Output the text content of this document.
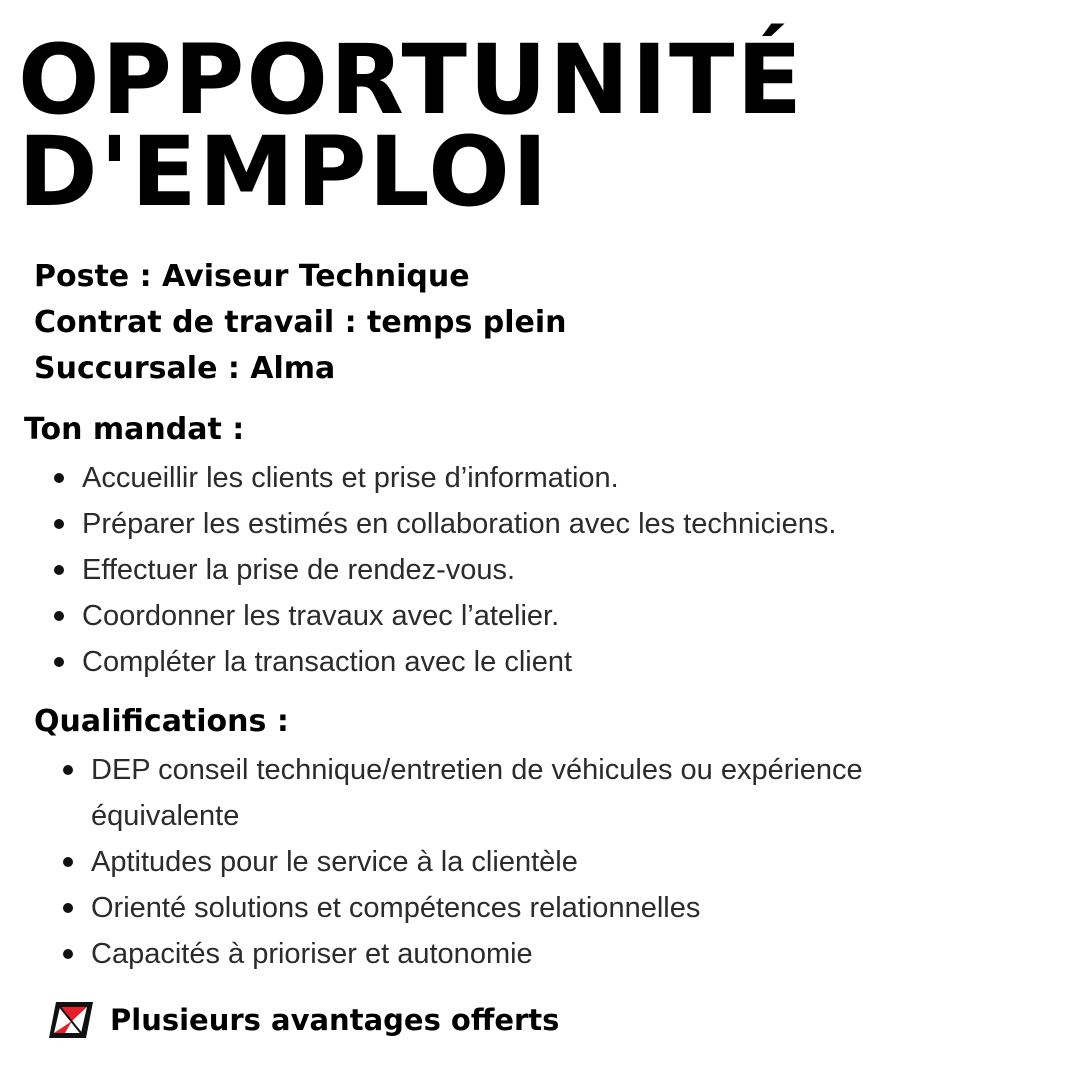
OPPORTUNITÉ
D'EMPLOI
Poste : Aviseur Technique
Contrat de travail : temps plein
Succursale : Alma
Ton mandat :
Accueillir les clients et prise d’information.
Préparer les estimés en collaboration avec les techniciens.
Effectuer la prise de rendez-vous.
Coordonner les travaux avec l’atelier.
Compléter la transaction avec le client
Qualifications :
DEP conseil technique/entretien de véhicules ou expérience équivalente
Aptitudes pour le service à la clientèle
Orienté solutions et compétences relationnelles
Capacités à prioriser et autonomie
Plusieurs avantages offerts
